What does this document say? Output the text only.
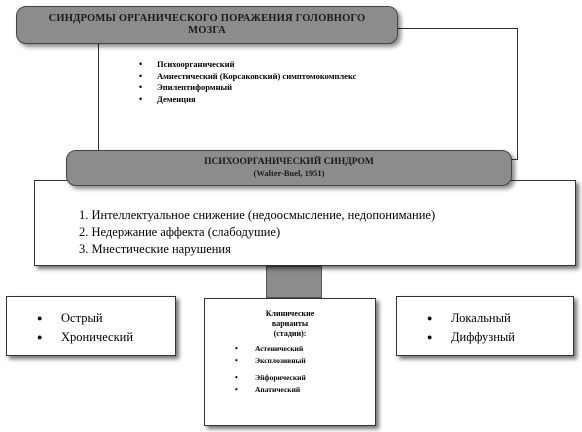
• Психоорганический
• Амнестический (Корсаковский) симптомокомплекс
• Эпилептиформный
• Деменция
СИНДРОМЫ ОРГАНИЧЕСКОГО ПОРАЖЕНИЯ ГОЛОВНОГО
МОЗГА
ПСИХООРГАНИЧЕСКИЙ СИНДРОМ
(Walter-Buel, 1951)
1. Интеллектуальное снижение (недоосмысление, недопонимание)
2. Недержание аффекта (слабодушие)
3. Мнестические нарушения
● Острый
● Хронический
Клинические
варианты
(стадии):
• Астенический
• Эксплозивный
• Эйфорический
• Апатический
● Локальный
● Диффузный
